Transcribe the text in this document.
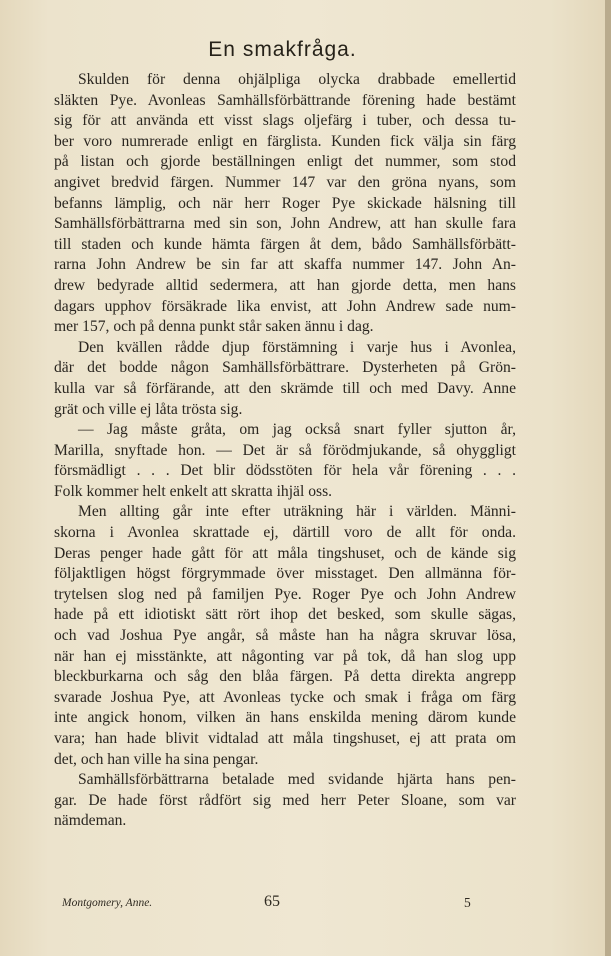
En smakfråga.
Skulden för denna ohjälpliga olycka drabbade emellertid
släkten Pye. Avonleas Samhällsförbättrande förening hade bestämt
sig för att använda ett visst slags oljefärg i tuber, och dessa tu-
ber voro numrerade enligt en färglista. Kunden fick välja sin färg
på listan och gjorde beställningen enligt det nummer, som stod
angivet bredvid färgen. Nummer 147 var den gröna nyans, som
befanns lämplig, och när herr Roger Pye skickade hälsning till
Samhällsförbättrarna med sin son, John Andrew, att han skulle fara
till staden och kunde hämta färgen åt dem, bådo Samhällsförbätt-
rarna John Andrew be sin far att skaffa nummer 147. John An-
drew bedyrade alltid sedermera, att han gjorde detta, men hans
dagars upphov försäkrade lika envist, att John Andrew sade num-
mer 157, och på denna punkt står saken ännu i dag.
Den kvällen rådde djup förstämning i varje hus i Avonlea,
där det bodde någon Samhällsförbättrare. Dysterheten på Grön-
kulla var så förfärande, att den skrämde till och med Davy. Anne
grät och ville ej låta trösta sig.
— Jag måste gråta, om jag också snart fyller sjutton år,
Marilla, snyftade hon. — Det är så förödmjukande, så ohyggligt
försmädligt . . . Det blir dödsstöten för hela vår förening . . .
Folk kommer helt enkelt att skratta ihjäl oss.
Men allting går inte efter uträkning här i världen. Männi-
skorna i Avonlea skrattade ej, därtill voro de allt för onda.
Deras penger hade gått för att måla tingshuset, och de kände sig
följaktligen högst förgrymmade över misstaget. Den allmänna för-
trytelsen slog ned på familjen Pye. Roger Pye och John Andrew
hade på ett idiotiskt sätt rört ihop det besked, som skulle sägas,
och vad Joshua Pye angår, så måste han ha några skruvar lösa,
när han ej misstänkte, att någonting var på tok, då han slog upp
bleckburkarna och såg den blåa färgen. På detta direkta angrepp
svarade Joshua Pye, att Avonleas tycke och smak i fråga om färg
inte angick honom, vilken än hans enskilda mening därom kunde
vara; han hade blivit vidtalad att måla tingshuset, ej att prata om
det, och han ville ha sina pengar.
Samhällsförbättrarna betalade med svidande hjärta hans pen-
gar. De hade först rådfört sig med herr Peter Sloane, som var
nämdeman.
Montgomery, Anne.	65	5
